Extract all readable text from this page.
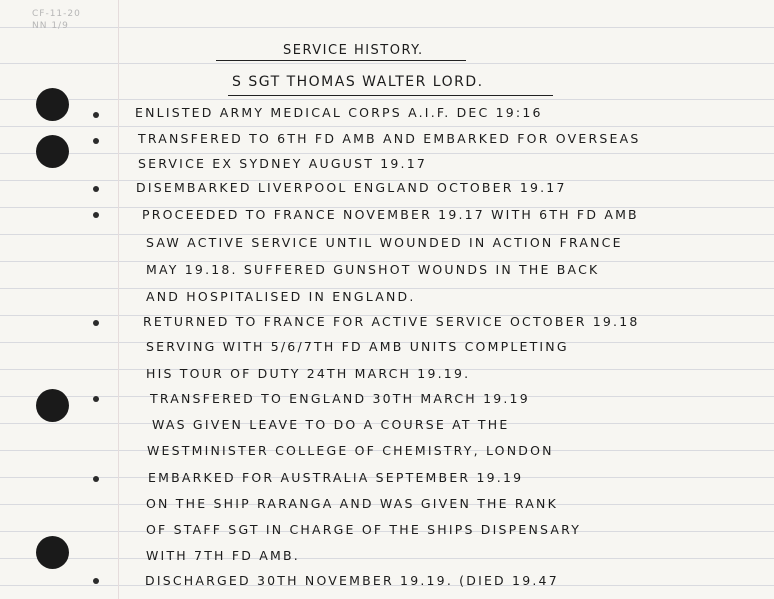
CF-11-20
NN 1/9
SERVICE HISTORY.
S SGT THOMAS WALTER LORD.
ENLISTED ARMY MEDICAL CORPS A.I.F. DEC 19:16
TRANSFERED TO 6TH FD AMB AND EMBARKED FOR OVERSEAS
SERVICE EX SYDNEY AUGUST 19.17
DISEMBARKED LIVERPOOL ENGLAND OCTOBER 19.17
PROCEEDED TO FRANCE NOVEMBER 19.17 WITH 6TH FD AMB
SAW ACTIVE SERVICE UNTIL WOUNDED IN ACTION FRANCE
MAY 19.18. SUFFERED GUNSHOT WOUNDS IN THE BACK
AND HOSPITALISED IN ENGLAND.
RETURNED TO FRANCE FOR ACTIVE SERVICE OCTOBER 19.18
SERVING WITH 5/6/7TH FD AMB UNITS COMPLETING
HIS TOUR OF DUTY 24TH MARCH 19.19.
TRANSFERED TO ENGLAND 30TH MARCH 19.19
WAS GIVEN LEAVE TO DO A COURSE AT THE
WESTMINISTER COLLEGE OF CHEMISTRY, LONDON
EMBARKED FOR AUSTRALIA SEPTEMBER 19.19
ON THE SHIP RARANGA AND WAS GIVEN THE RANK
OF STAFF SGT IN CHARGE OF THE SHIPS DISPENSARY
WITH 7TH FD AMB.
DISCHARGED 30TH NOVEMBER 19.19. (DIED 19.47
